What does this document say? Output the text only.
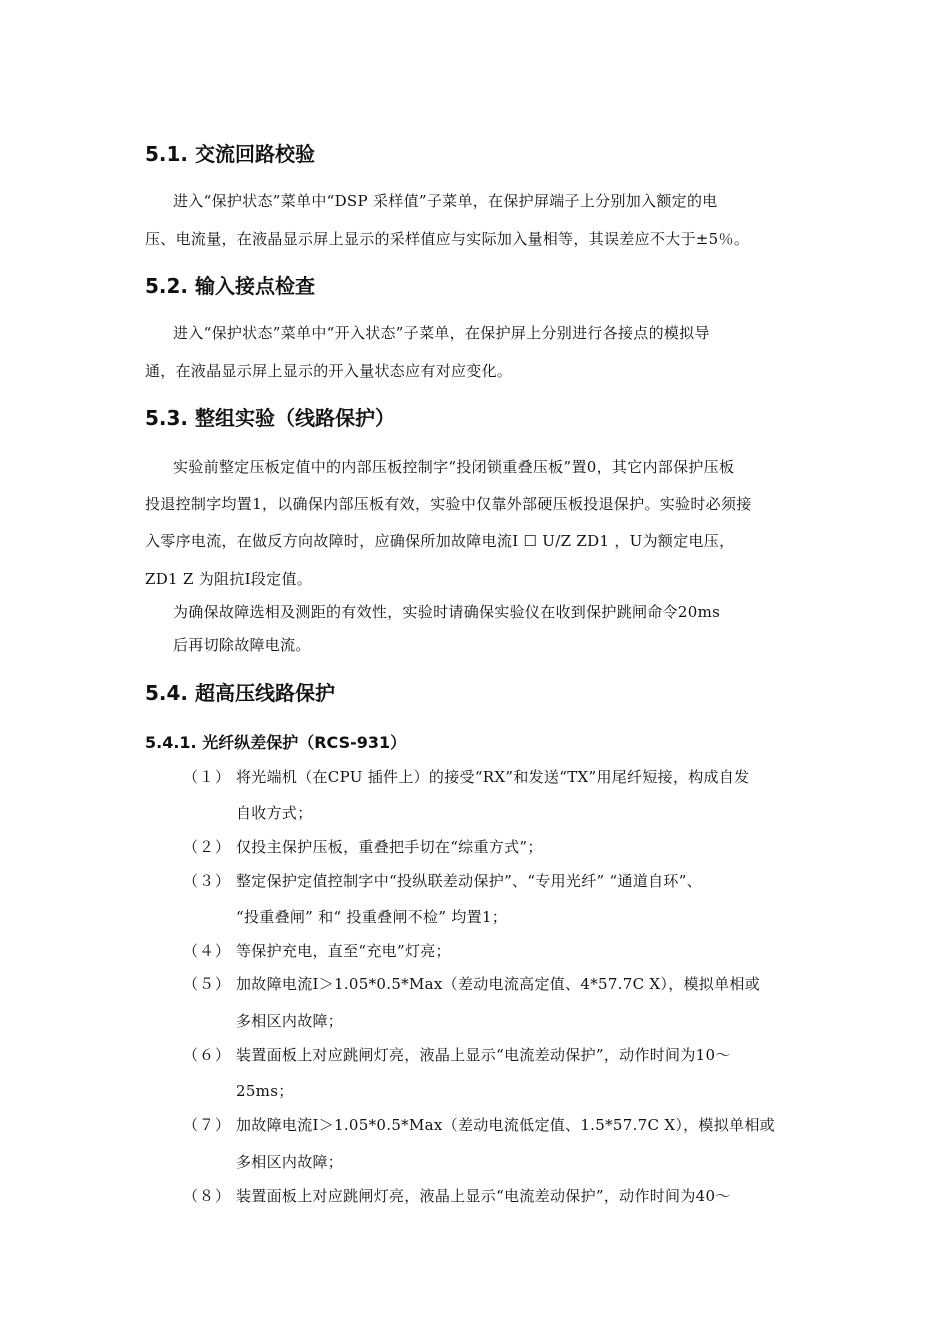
5.1. 交流回路校验
进入“保护状态”菜单中“DSP 采样值”子菜单，在保护屏端子上分别加入额定的电
压、电流量，在液晶显示屏上显示的采样值应与实际加入量相等，其误差应不大于±5％。
5.2. 输入接点检查
进入“保护状态”菜单中“开入状态”子菜单，在保护屏上分别进行各接点的模拟导
通，在液晶显示屏上显示的开入量状态应有对应变化。
5.3. 整组实验（线路保护）
实验前整定压板定值中的内部压板控制字“投闭锁重叠压板”置0，其它内部保护压板
投退控制字均置1，以确保内部压板有效，实验中仅靠外部硬压板投退保护。实验时必须接
入零序电流，在做反方向故障时，应确保所加故障电流I ☐ U/Z ZD1 ，U为额定电压，
ZD1 Z 为阻抗Ⅰ段定值。
为确保故障选相及测距的有效性，实验时请确保实验仪在收到保护跳闸命令20ms
后再切除故障电流。
5.4. 超高压线路保护
5.4.1. 光纤纵差保护（RCS-931）
（１） 将光端机（在CPU 插件上）的接受“RX”和发送“TX”用尾纤短接，构成自发
自收方式；
（２） 仅投主保护压板，重叠把手切在“综重方式”；
（３） 整定保护定值控制字中“投纵联差动保护”、“专用光纤” “通道自环”、
“投重叠闸” 和“ 投重叠闸不检” 均置1；
（４） 等保护充电，直至“充电”灯亮；
（５） 加故障电流I＞1.05*0.5*Max（差动电流高定值、4*57.7C X），模拟单相或
多相区内故障；
（６） 装置面板上对应跳闸灯亮，液晶上显示“电流差动保护”，动作时间为10～
25ms；
（７） 加故障电流I＞1.05*0.5*Max（差动电流低定值、1.5*57.7C X），模拟单相或
多相区内故障；
（８） 装置面板上对应跳闸灯亮，液晶上显示“电流差动保护”，动作时间为40～
